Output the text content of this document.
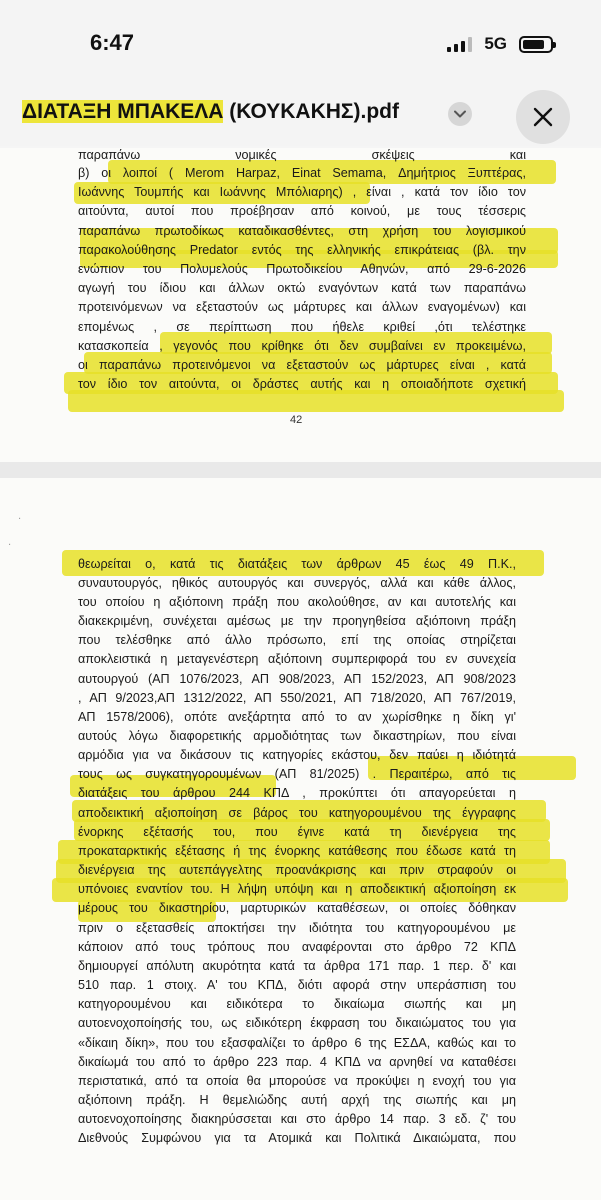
παραπάνω νομικές σκέψεις και
β) οι λοιποί ( Merom Harpaz, Einat Semama, Δημήτριος Ξυπτέρας,
Ιωάννης Τουμπής και Ιωάννης Μπόλιαρης) , είναι , κατά τον ίδιο τον
αιτούντα, αυτοί που προέβησαν από κοινού, με τους τέσσερις
παραπάνω πρωτοδίκως καταδικασθέντες, στη χρήση του λογισμικού
παρακολούθησης Predator εντός της ελληνικής επικράτειας (βλ. την
ενώπιον του Πολυμελούς Πρωτοδικείου Αθηνών, από 29-6-2026
αγωγή του ίδιου και άλλων οκτώ εναγόντων κατά των παραπάνω
προτεινόμενων να εξεταστούν ως μάρτυρες και άλλων εναγομένων) και
επομένως , σε περίπτωση που ήθελε κριθεί ,ότι τελέστηκε
κατασκοπεία , γεγονός που κρίθηκε ότι δεν συμβαίνει εν προκειμένω,
οι παραπάνω προτεινόμενοι να εξεταστούν ως μάρτυρες είναι , κατά
τον ίδιο τον αιτούντα, οι δράστες αυτής και η οποιαδήποτε σχετική
42
·
·
θεωρείται ο, κατά τις διατάξεις των άρθρων 45 έως 49 Π.Κ.,
συναυτουργός, ηθικός αυτουργός και συνεργός, αλλά και κάθε άλλος,
του οποίου η αξιόποινη πράξη που ακολούθησε, αν και αυτοτελής και
διακεκριμένη, συνέχεται αμέσως με την προηγηθείσα αξιόποινη πράξη
που τελέσθηκε από άλλο πρόσωπο, επί της οποίας στηρίζεται
αποκλειστικά η μεταγενέστερη αξιόποινη συμπεριφορά του εν συνεχεία
αυτουργού (ΑΠ 1076/2023, ΑΠ 908/2023, ΑΠ 152/2023, ΑΠ 908/2023
, ΑΠ 9/2023,ΑΠ 1312/2022, ΑΠ 550/2021, ΑΠ 718/2020, ΑΠ 767/2019,
ΑΠ 1578/2006), οπότε ανεξάρτητα από το αν χωρίσθηκε η δίκη γι'
αυτούς λόγω διαφορετικής αρμοδιότητας των δικαστηρίων, που είναι
αρμόδια για να δικάσουν τις κατηγορίες εκάστου, δεν παύει η ιδιότητά
τους ως συγκατηγορουμένων (ΑΠ 81/2025) . Περαιτέρω, από τις
διατάξεις του άρθρου 244 ΚΠΔ , προκύπτει ότι απαγορεύεται η
αποδεικτική αξιοποίηση σε βάρος του κατηγορουμένου της έγγραφης
ένορκης εξέτασής του, που έγινε κατά τη διενέργεια της
προκαταρκτικής εξέτασης ή της ένορκης κατάθεσης που έδωσε κατά τη
διενέργεια της αυτεπάγγελτης προανάκρισης και πριν στραφούν οι
υπόνοιες εναντίον του. Η λήψη υπόψη και η αποδεικτική αξιοποίηση εκ
μέρους του δικαστηρίου, μαρτυρικών καταθέσεων, οι οποίες δόθηκαν
πριν ο εξετασθείς αποκτήσει την ιδιότητα του κατηγορουμένου με
κάποιον από τους τρόπους που αναφέρονται στο άρθρο 72 ΚΠΔ
δημιουργεί απόλυτη ακυρότητα κατά τα άρθρα 171 παρ. 1 περ. δ' και
510 παρ. 1 στοιχ. Α' του ΚΠΔ, διότι αφορά στην υπεράσπιση του
κατηγορουμένου και ειδικότερα το δικαίωμα σιωπής και μη
αυτοενοχοποίησής του, ως ειδικότερη έκφραση του δικαιώματος του για
«δίκαιη δίκη», που του εξασφαλίζει το άρθρο 6 της ΕΣΔΑ, καθώς και το
δικαίωμά του από το άρθρο 223 παρ. 4 ΚΠΔ να αρνηθεί να καταθέσει
περιστατικά, από τα οποία θα μπορούσε να προκύψει η ενοχή του για
αξιόποινη πράξη. Η θεμελιώδης αυτή αρχή της σιωπής και μη
αυτοενοχοποίησης διακηρύσσεται και στο άρθρο 14 παρ. 3 εδ. ζ' του
Διεθνούς Συμφώνου για τα Ατομικά και Πολιτικά Δικαιώματα, που
6:47	5G
ΔΙΑΤΑΞΗ ΜΠΑΚΕΛΑ (ΚΟΥΚΑΚΗΣ).pdf
